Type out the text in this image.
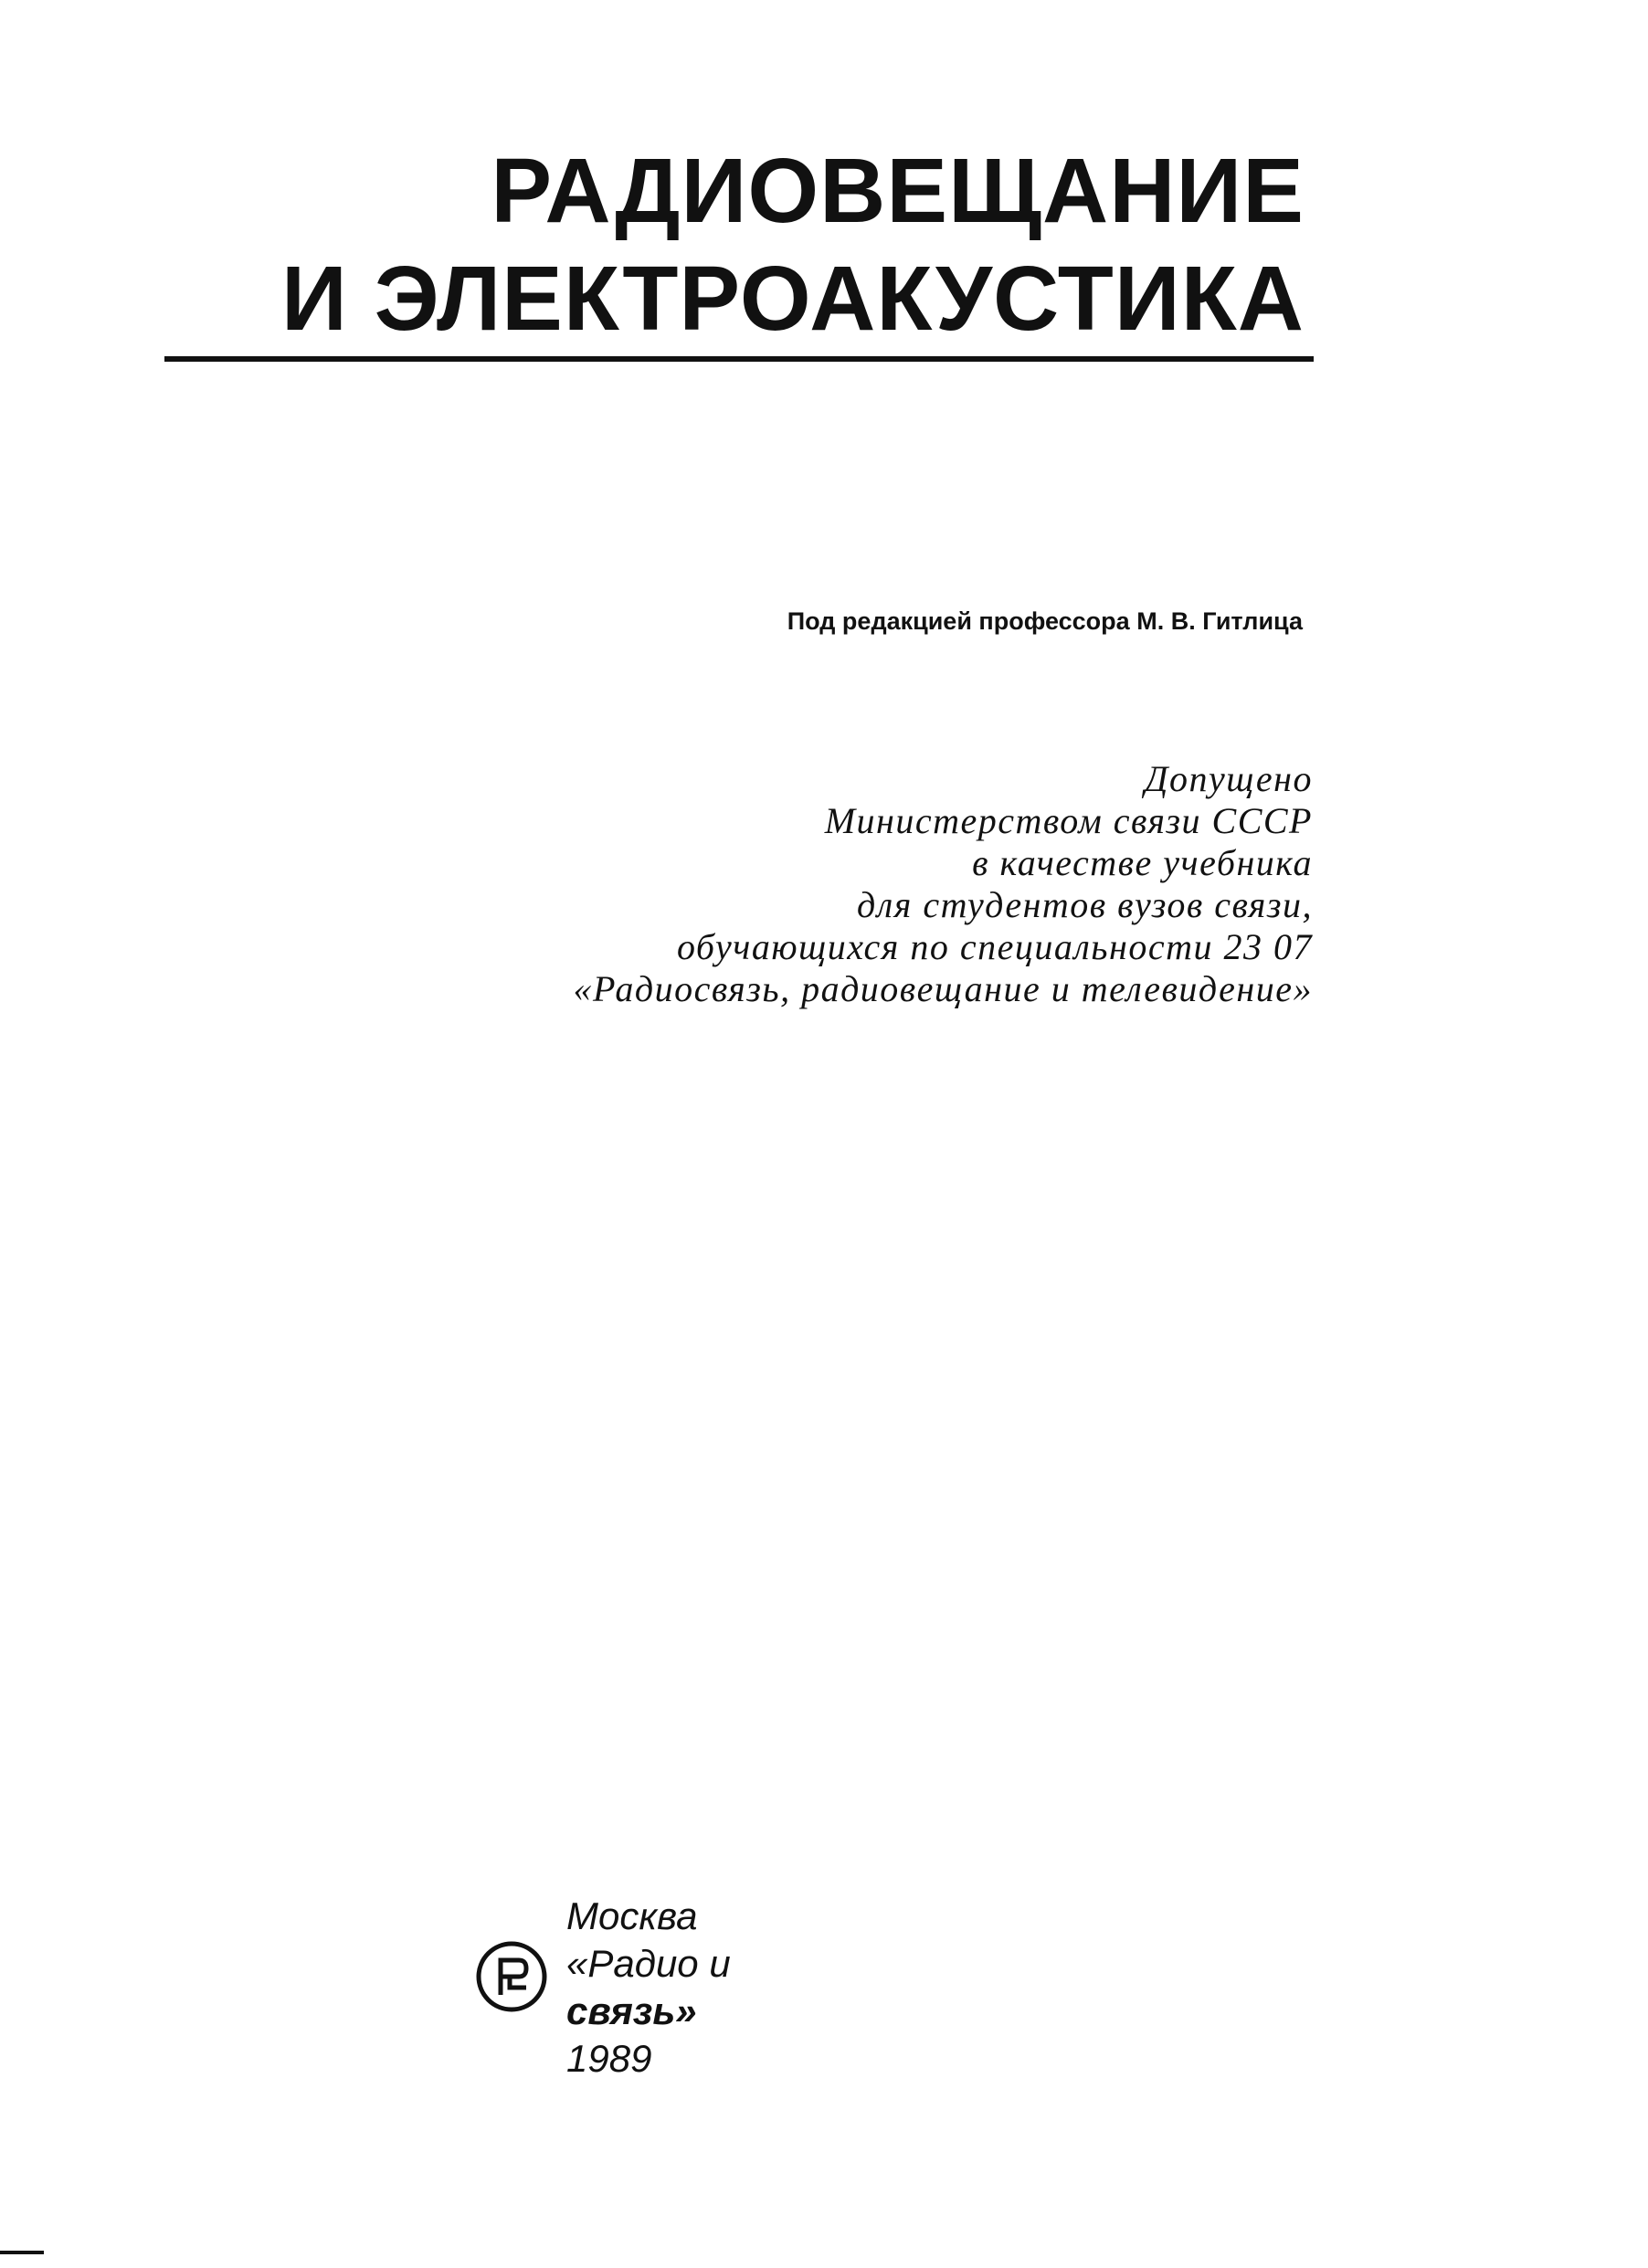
РАДИОВЕЩАНИЕ
И ЭЛЕКТРОАКУСТИКА
Под редакцией профессора М. В. Гитлица
Допущено
Министерством связи СССР
в качестве учебника
для студентов вузов связи,
обучающихся по специальности 23 07
«Радиосвязь, радиовещание и телевидение»
Москва
«Радио и
связь»
1989
